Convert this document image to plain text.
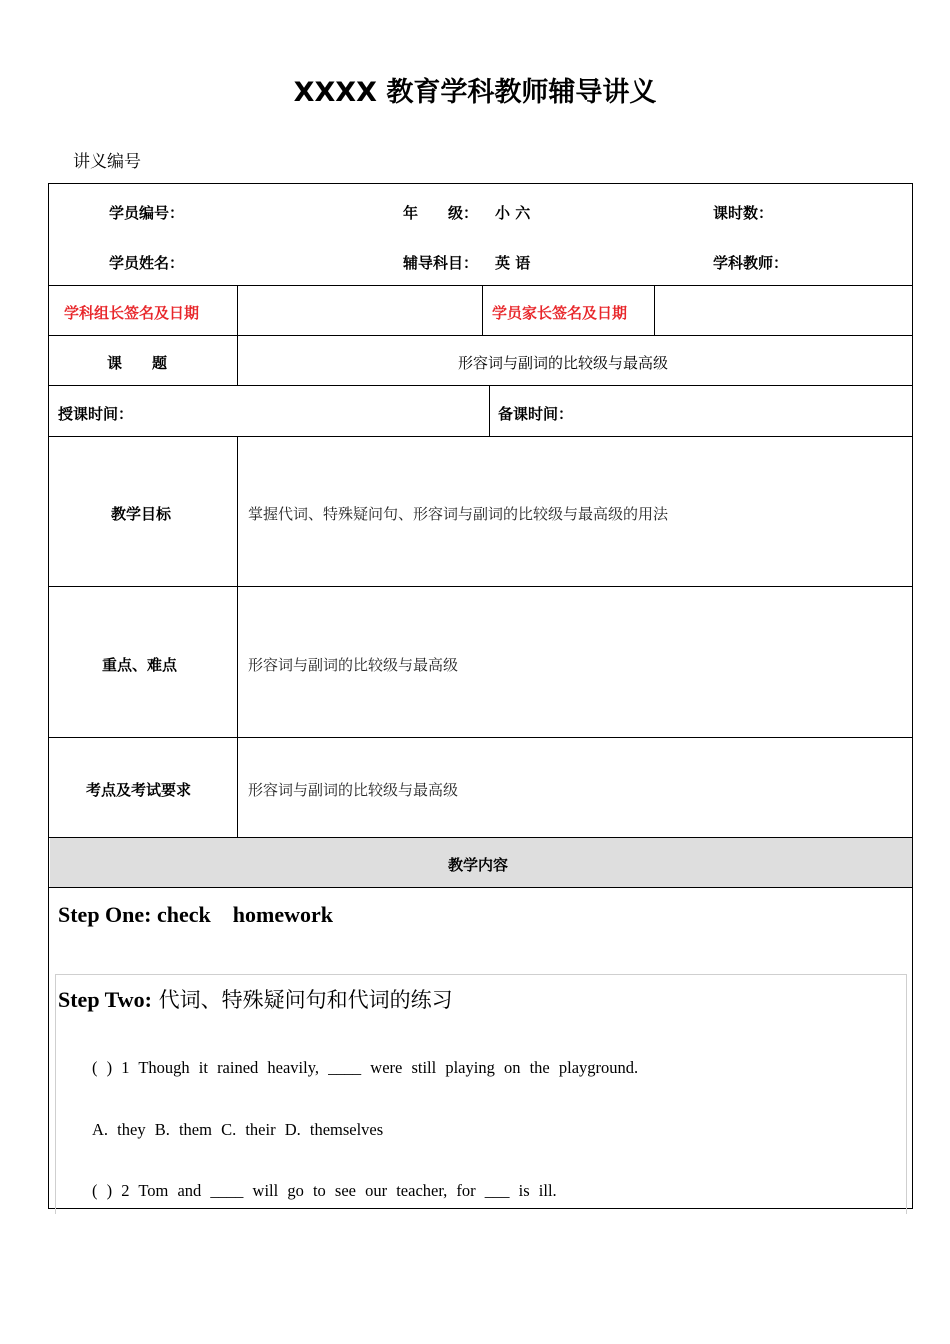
XXXX 教育学科教师辅导讲义
讲义编号
学员编号：	年　　级： 小 六	课时数：
学员姓名：	辅导科目： 英 语	学科教师：
学科组长签名及日期	学员家长签名及日期
课　　题	形容词与副词的比较级与最高级
授课时间：	备课时间：
教学目标	掌握代词、特殊疑问句、形容词与副词的比较级与最高级的用法
重点、难点	形容词与副词的比较级与最高级
考点及考试要求	形容词与副词的比较级与最高级
教学内容
Step One: check　homework
Step Two: 代词、特殊疑问句和代词的练习
( ) 1 Though it rained heavily, ____ were still playing on the playground.
A. they B. them C. their D. themselves
( ) 2 Tom and ____ will go to see our teacher, for ___ is ill.
